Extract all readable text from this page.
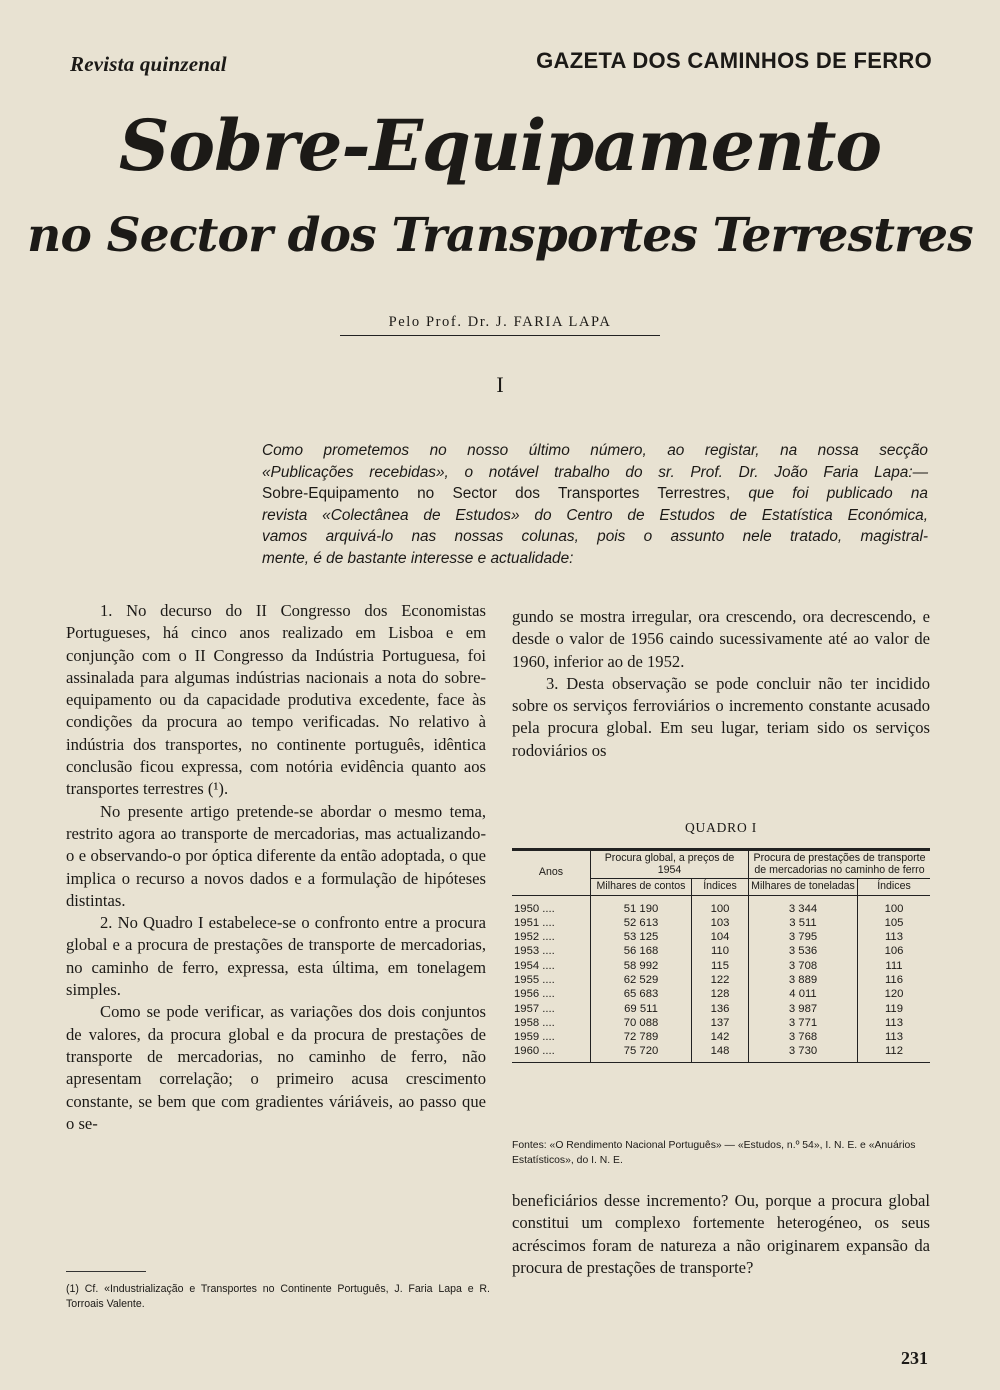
Revista quinzenal	GAZETA DOS CAMINHOS DE FERRO
Sobre-Equipamento
no Sector dos Transportes Terrestres
Pelo Prof. Dr. J. FARIA LAPA
I
Como prometemos no nosso último número, ao registar, na nossa secção
«Publicações recebidas», o notável trabalho do sr. Prof. Dr. João Faria Lapa:—
Sobre-Equipamento no Sector dos Transportes Terrestres, que foi publicado na
revista «Colectânea de Estudos» do Centro de Estudos de Estatística Económica,
vamos arquivá-lo nas nossas colunas, pois o assunto nele tratado, magistral-
mente, é de bastante interesse e actualidade:

1. No decurso do II Congresso dos Economistas Portugueses, há cinco anos realizado em Lisboa e em conjunção com o II Congresso da Indústria Portuguesa, foi assinalada para algumas indústrias nacionais a nota do sobre-equipamento ou da capacidade produtiva excedente, face às condições da procura ao tempo verificadas. No relativo à indústria dos transportes, no continente português, idêntica conclusão ficou expressa, com notória evidência quanto aos transportes terrestres (¹).

No presente artigo pretende-se abordar o mesmo tema, restrito agora ao transporte de mercadorias, mas actualizando-o e observando-o por óptica diferente da então adoptada, o que implica o recurso a novos dados e a formulação de hipóteses distintas.

2. No Quadro I estabelece-se o confronto entre a procura global e a procura de prestações de transporte de mercadorias, no caminho de ferro, expressa, esta última, em tonelagem simples.

Como se pode verificar, as variações dos dois conjuntos de valores, da procura global e da procura de prestações de transporte de mercadorias, no caminho de ferro, não apresentam correlação; o primeiro acusa crescimento constante, se bem que com gradientes váriáveis, ao passo que o se-

(1) Cf. «Industrialização e Transportes no Continente Português, J. Faria Lapa e R. Torroais Valente.

gundo se mostra irregular, ora crescendo, ora decrescendo, e desde o valor de 1956 caindo sucessivamente até ao valor de 1960, inferior ao de 1952.

3. Desta observação se pode concluir não ter incidido sobre os serviços ferroviários o incremento constante acusado pela procura global. Em seu lugar, teriam sido os serviços rodoviários os

QUADRO I
Anos	Procura global, a preços de 1954		Procura de prestações de transporte de mercadorias no caminho de ferro	
	Milhares de contos	Índices	Milhares de toneladas	Índices
1950 ....	51 190	100	3 344	100
1951 ....	52 613	103	3 511	105
1952 ....	53 125	104	3 795	113
1953 ....	56 168	110	3 536	106
1954 ....	58 992	115	3 708	111
1955 ....	62 529	122	3 889	116
1956 ....	65 683	128	4 011	120
1957 ....	69 511	136	3 987	119
1958 ....	70 088	137	3 771	113
1959 ....	72 789	142	3 768	113
1960 ....	75 720	148	3 730	112
Fontes: «O Rendimento Nacional Português» — «Estudos, n.º 54», I. N. E. e «Anuários Estatísticos», do I. N. E.

beneficiários desse incremento? Ou, porque a procura global constitui um complexo fortemente heterogéneo, os seus acréscimos foram de natureza a não originarem expansão da procura de prestações de transporte?

231
